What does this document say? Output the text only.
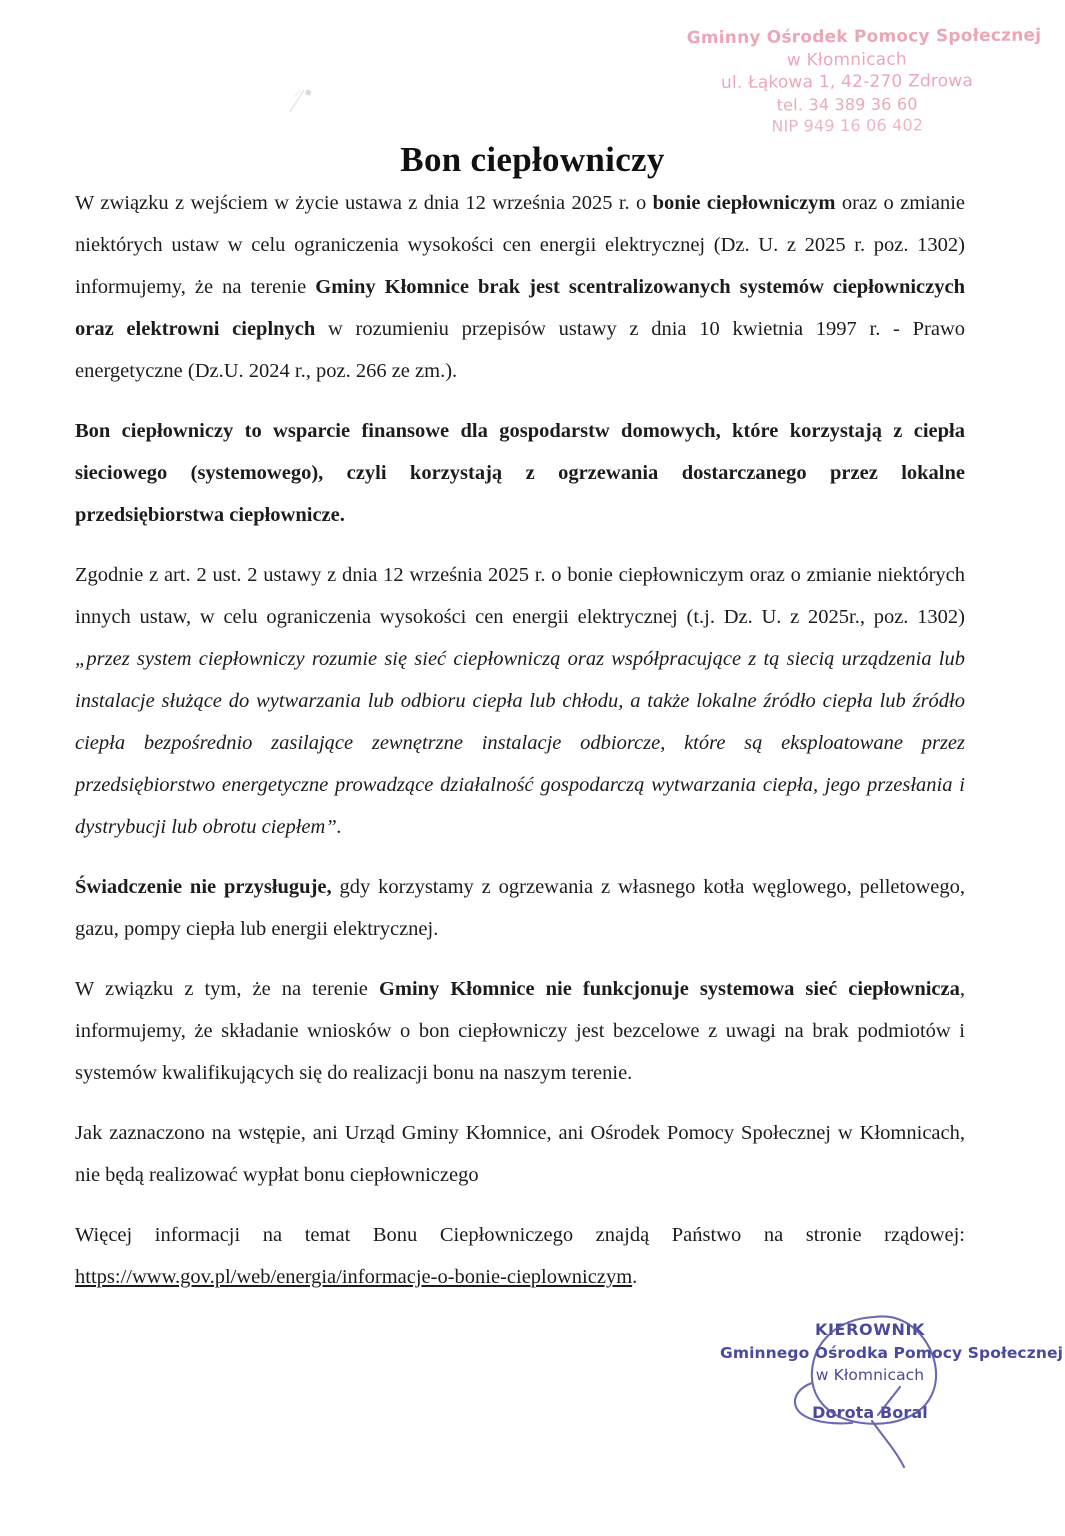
Gminny Ośrodek Pomocy Społecznej
w Kłomnicach
ul. Łąkowa 1, 42-270 Zdrowa
tel. 34 389 36 60
NIP 949 16 06 402
Bon ciepłowniczy

W związku z wejściem w życie ustawa z dnia 12 września 2025 r. o bonie ciepłowniczym oraz o zmianie niektórych ustaw w celu ograniczenia wysokości cen energii elektrycznej (Dz. U. z 2025 r. poz. 1302) informujemy, że na terenie Gminy Kłomnice brak jest scentralizowanych systemów ciepłowniczych oraz elektrowni cieplnych w rozumieniu przepisów ustawy z dnia 10 kwietnia 1997 r. - Prawo energetyczne (Dz.U. 2024 r., poz. 266 ze zm.).

Bon ciepłowniczy to wsparcie finansowe dla gospodarstw domowych, które korzystają z ciepła sieciowego (systemowego), czyli korzystają z ogrzewania dostarczanego przez lokalne przedsiębiorstwa ciepłownicze.

Zgodnie z art. 2 ust. 2 ustawy z dnia 12 września 2025 r. o bonie ciepłowniczym oraz o zmianie niektórych innych ustaw, w celu ograniczenia wysokości cen energii elektrycznej (t.j. Dz. U. z 2025r., poz. 1302) „przez system ciepłowniczy rozumie się sieć ciepłowniczą oraz współpracujące z tą siecią urządzenia lub instalacje służące do wytwarzania lub odbioru ciepła lub chłodu, a także lokalne źródło ciepła lub źródło ciepła bezpośrednio zasilające zewnętrzne instalacje odbiorcze, które są eksploatowane przez przedsiębiorstwo energetyczne prowadzące działalność gospodarczą wytwarzania ciepła, jego przesłania i dystrybucji lub obrotu ciepłem”.

Świadczenie nie przysługuje, gdy korzystamy z ogrzewania z własnego kotła węglowego, pelletowego, gazu, pompy ciepła lub energii elektrycznej.

W związku z tym, że na terenie Gminy Kłomnice nie funkcjonuje systemowa sieć ciepłownicza, informujemy, że składanie wniosków o bon ciepłowniczy jest bezcelowe z uwagi na brak podmiotów i systemów kwalifikujących się do realizacji bonu na naszym terenie.

Jak zaznaczono na wstępie, ani Urząd Gminy Kłomnice, ani Ośrodek Pomocy Społecznej w Kłomnicach, nie będą realizować wypłat bonu ciepłowniczego

Więcej informacji na temat Bonu Ciepłowniczego znajdą Państwo na stronie rządowej: https://www.gov.pl/web/energia/informacje-o-bonie-cieplowniczym.

KIEROWNIK
Gminnego Ośrodka Pomocy Społecznej
w Kłomnicach
Dorota Boral
